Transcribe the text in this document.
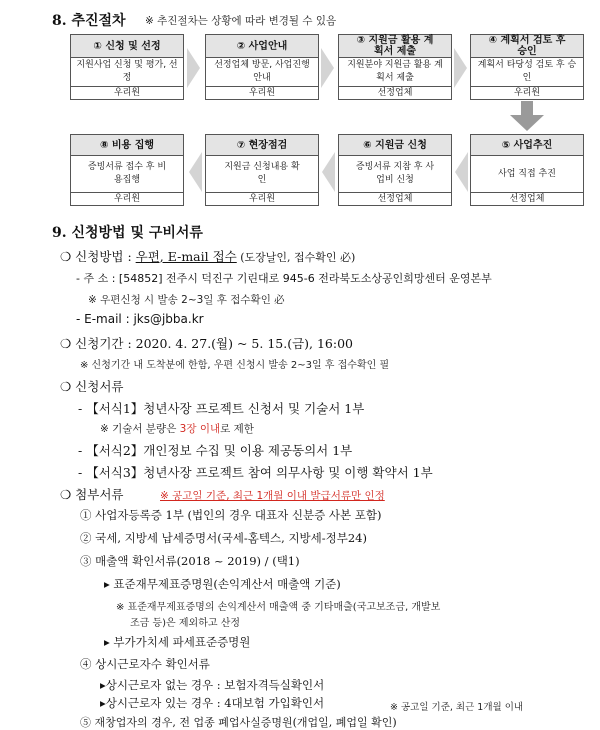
8. 추진절차 ※ 추진절차는 상황에 따라 변경될 수 있음
① 신청 및 선정
지원사업 신청 및 평가, 선정
우리원
② 사업안내
선정업체 방문, 사업진행 안내
우리원
③ 지원금 활용 계획서 제출
지원분야 지원금 활용 계획서 제출
선정업체
④ 계획서 검토 후 승인
계획서 타당성 검토 후 승인
우리원
⑧ 비용 집행
증빙서류 접수 후 비용집행
우리원
⑦ 현장점검
지원금 신청내용 확인
우리원
⑥ 지원금 신청
증빙서류 지참 후 사업비 신청
선정업체
⑤ 사업추진
사업 직접 추진
선정업체
9. 신청방법 및 구비서류
❍ 신청방법 : 우편, E-mail 접수 (도장날인, 접수확인 必)
- 주 소 : [54852] 전주시 덕진구 기린대로 945-6 전라북도소상공인희망센터 운영본부
※ 우편신청 시 발송 2~3일 후 접수확인 必
- E-mail : jks@jbba.kr
❍ 신청기간 : 2020. 4. 27.(월) ~ 5. 15.(금), 16:00
※ 신청기간 내 도착분에 한함, 우편 신청시 발송 2~3일 후 접수확인 필
❍ 신청서류
- 【서식1】청년사장 프로젝트 신청서 및 기술서 1부
※ 기술서 분량은 3장 이내로 제한
- 【서식2】개인정보 수집 및 이용 제공동의서 1부
- 【서식3】청년사장 프로젝트 참여 의무사항 및 이행 확약서 1부
❍ 첨부서류	※ 공고일 기준, 최근 1개월 이내 발급서류만 인정
① 사업자등록증 1부 (법인의 경우 대표자 신분증 사본 포함)
② 국세, 지방세 납세증명서(국세-홈텍스, 지방세-정부24)
③ 매출액 확인서류(2018 ~ 2019) / (택1)
▸ 표준재무제표증명원(손익계산서 매출액 기준)
※ 표준재무제표증명의 손익계산서 매출액 중 기타매출(국고보조금, 개발보
조금 등)은 제외하고 산정
▸ 부가가치세 파세표준증명원
④ 상시근로자수 확인서류
▸상시근로자 없는 경우 : 보험자격득실확인서
▸상시근로자 있는 경우 : 4대보험 가입확인서	※ 공고일 기준, 최근 1개월 이내
⑤ 재창업자의 경우, 전 업종 폐업사실증명원(개업일, 폐업일 확인)
